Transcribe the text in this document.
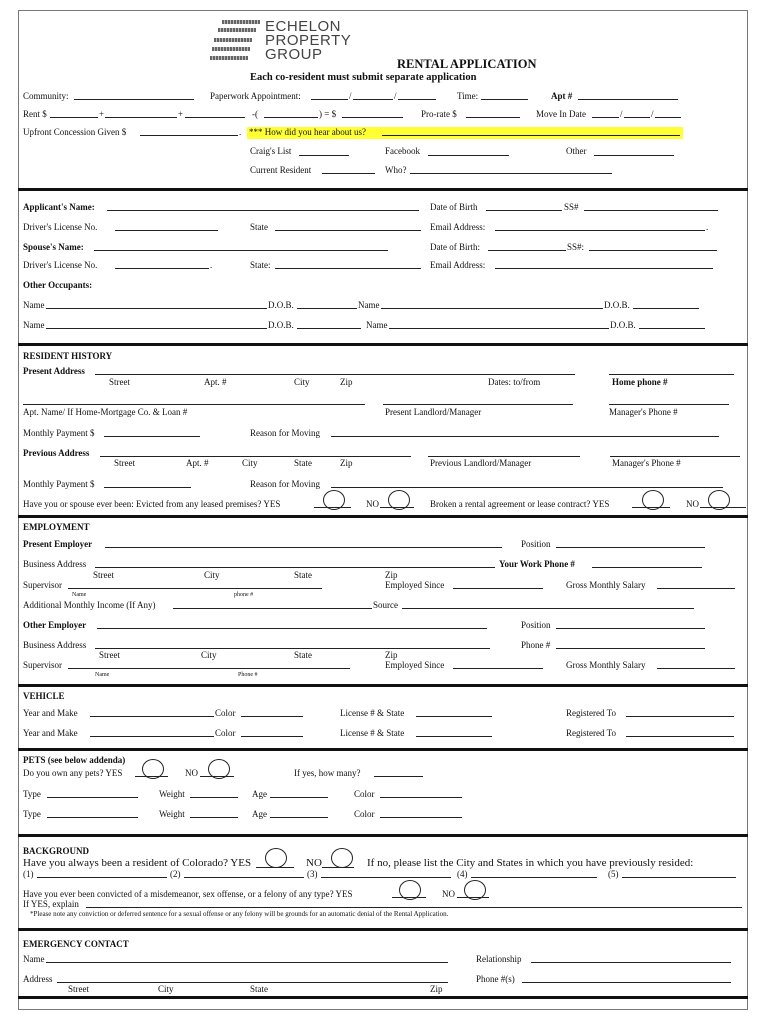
ECHELON
PROPERTY
GROUP
RENTAL APPLICATION
Each co-resident must submit separate application
Community:	Paperwork Appointment:	/	/	Time:	Apt #
Rent $	+	+	-(	) = $	Pro-rate $	Move In Date	/	/
Upfront Concession Given $	. *** How did you hear about us?
Craig's List	Facebook	Other
Current Resident	Who?
Applicant's Name:	Date of Birth	SS#
Driver's License No.	State	Email Address:	.
Spouse's Name:	Date of Birth:	SS#:
Driver's License No.	.	State:	Email Address:
Other Occupants:
Name	D.O.B.	Name	D.O.B.
Name	D.O.B.	Name	D.O.B.
RESIDENT HISTORY
Present Address
Street	Apt. #	City	Zip	Dates: to/from	Home phone #
Apt. Name/ If Home-Mortgage Co. & Loan #	Present Landlord/Manager	Manager's Phone #
Monthly Payment $	Reason for Moving
Previous Address
Street	Apt. #	City	State	Zip	Previous Landlord/Manager	Manager's Phone #
Monthly Payment $	Reason for Moving
Have you or spouse ever been: Evicted from any leased premises? YES	NO	Broken a rental agreement or lease contract? YES	NO
EMPLOYMENT
Present Employer	Position
Business Address	Your Work Phone #
Street	City	State	Zip
Supervisor	Employed Since	Gross Monthly Salary
Name	phone #
Additional Monthly Income (If Any)	Source
Other Employer	Position
Business Address	Phone #
Street	City	State	Zip
Supervisor	Employed Since	Gross Monthly Salary
Name	Phone #
VEHICLE
Year and Make	Color	License # & State	Registered To
Year and Make	Color	License # & State	Registered To
PETS (see below addenda)
Do you own any pets? YES	NO	If yes, how many?
Type	Weight	Age	Color
Type	Weight	Age	Color
BACKGROUND
Have you always been a resident of Colorado? YES	NO	If no, please list the City and States in which you have previously resided:
(1)	(2)	(3)	(4)	(5)
Have you ever been convicted of a misdemeanor, sex offense, or a felony of any type? YES	NO
If YES, explain
*Please note any conviction or deferred sentence for a sexual offense or any felony will be grounds for an automatic denial of the Rental Application.
EMERGENCY CONTACT
Name	Relationship
Address	Phone #(s)
Street	City	State	Zip
